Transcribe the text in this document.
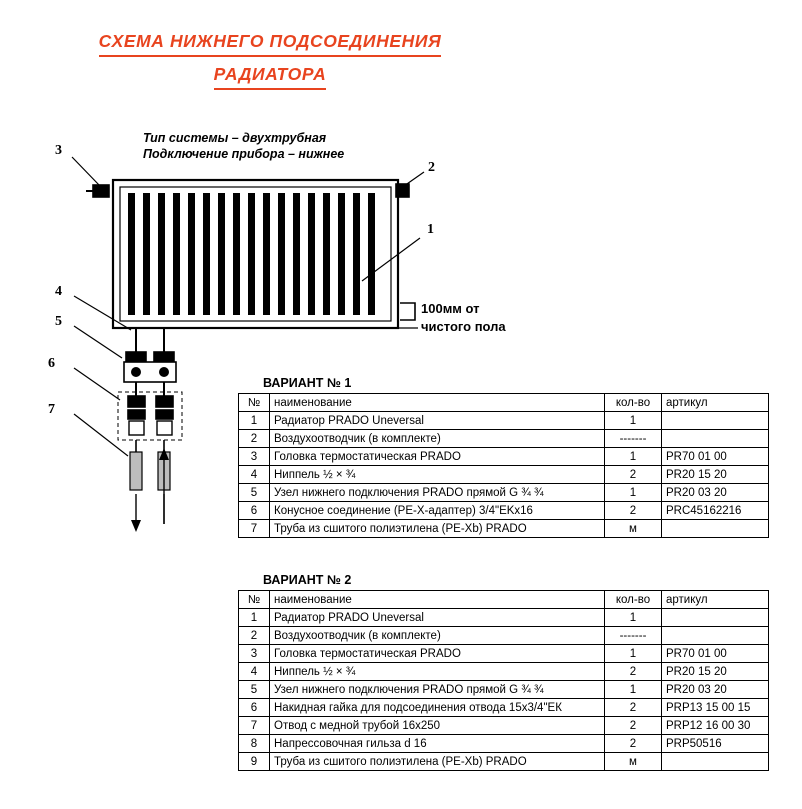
СХЕМА НИЖНЕГО ПОДСОЕДИНЕНИЯ
РАДИАТОРА
Тип системы – двухтрубная
Подключение прибора – нижнее
100мм от
чистого пола
1
2
3
4
5
6
7
ВАРИАНТ № 1
№	наименование	кол-во	артикул
1	Радиатор PRADO Uneversal	1	
2	Воздухоотводчик (в комплекте)	-------	
3	Головка термостатическая PRADO	1	PR70 01 00
4	Ниппель ½ × ¾	2	PR20 15 20
5	Узел нижнего подключения PRADO прямой G ¾ ¾	1	PR20 03 20
6	Конусное соединение (PE-X-адаптер) 3/4"EKx16	2	PRC45162216
7	Труба из сшитого полиэтилена (PE-Xb) PRADO	м	
ВАРИАНТ № 2
№	наименование	кол-во	артикул
1	Радиатор PRADO Uneversal	1	
2	Воздухоотводчик (в комплекте)	-------	
3	Головка термостатическая PRADO	1	PR70 01 00
4	Ниппель ½ × ¾	2	PR20 15 20
5	Узел нижнего подключения PRADO прямой G ¾ ¾	1	PR20 03 20
6	Накидная гайка для подсоединения отвода 15х3/4"ЕК	2	PRP13 15 00 15
7	Отвод с медной трубой 16х250	2	PRP12 16 00 30
8	Напрессовочная гильза d 16	2	PRP50516
9	Труба из сшитого полиэтилена (PE-Xb) PRADO	м	
